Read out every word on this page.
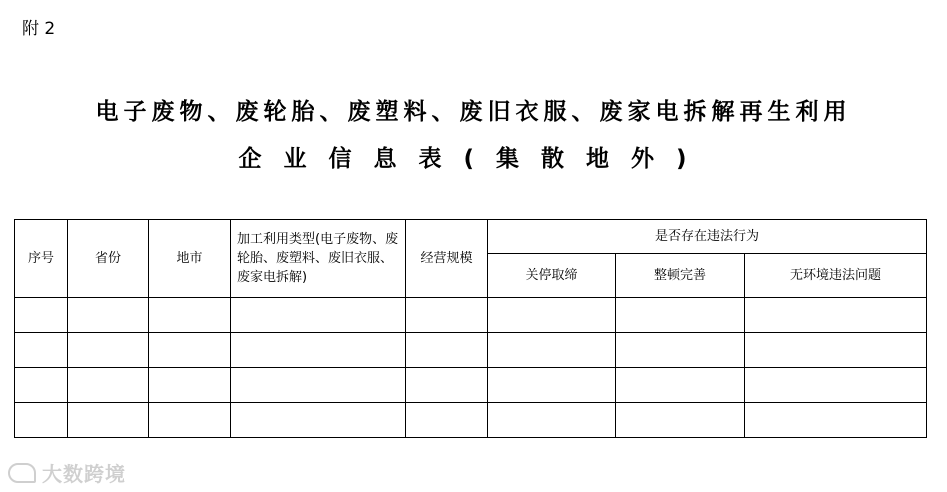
附 2
电子废物、废轮胎、废塑料、废旧衣服、废家电拆解再生利用
企业信息表(集散地外)
序号	省份	地市	加工利用类型(电子废物、废轮胎、废塑料、废旧衣服、废家电拆解)	经营规模	是否存在违法行为		
					关停取缔	整顿完善	无环境违法问题

大数跨境
